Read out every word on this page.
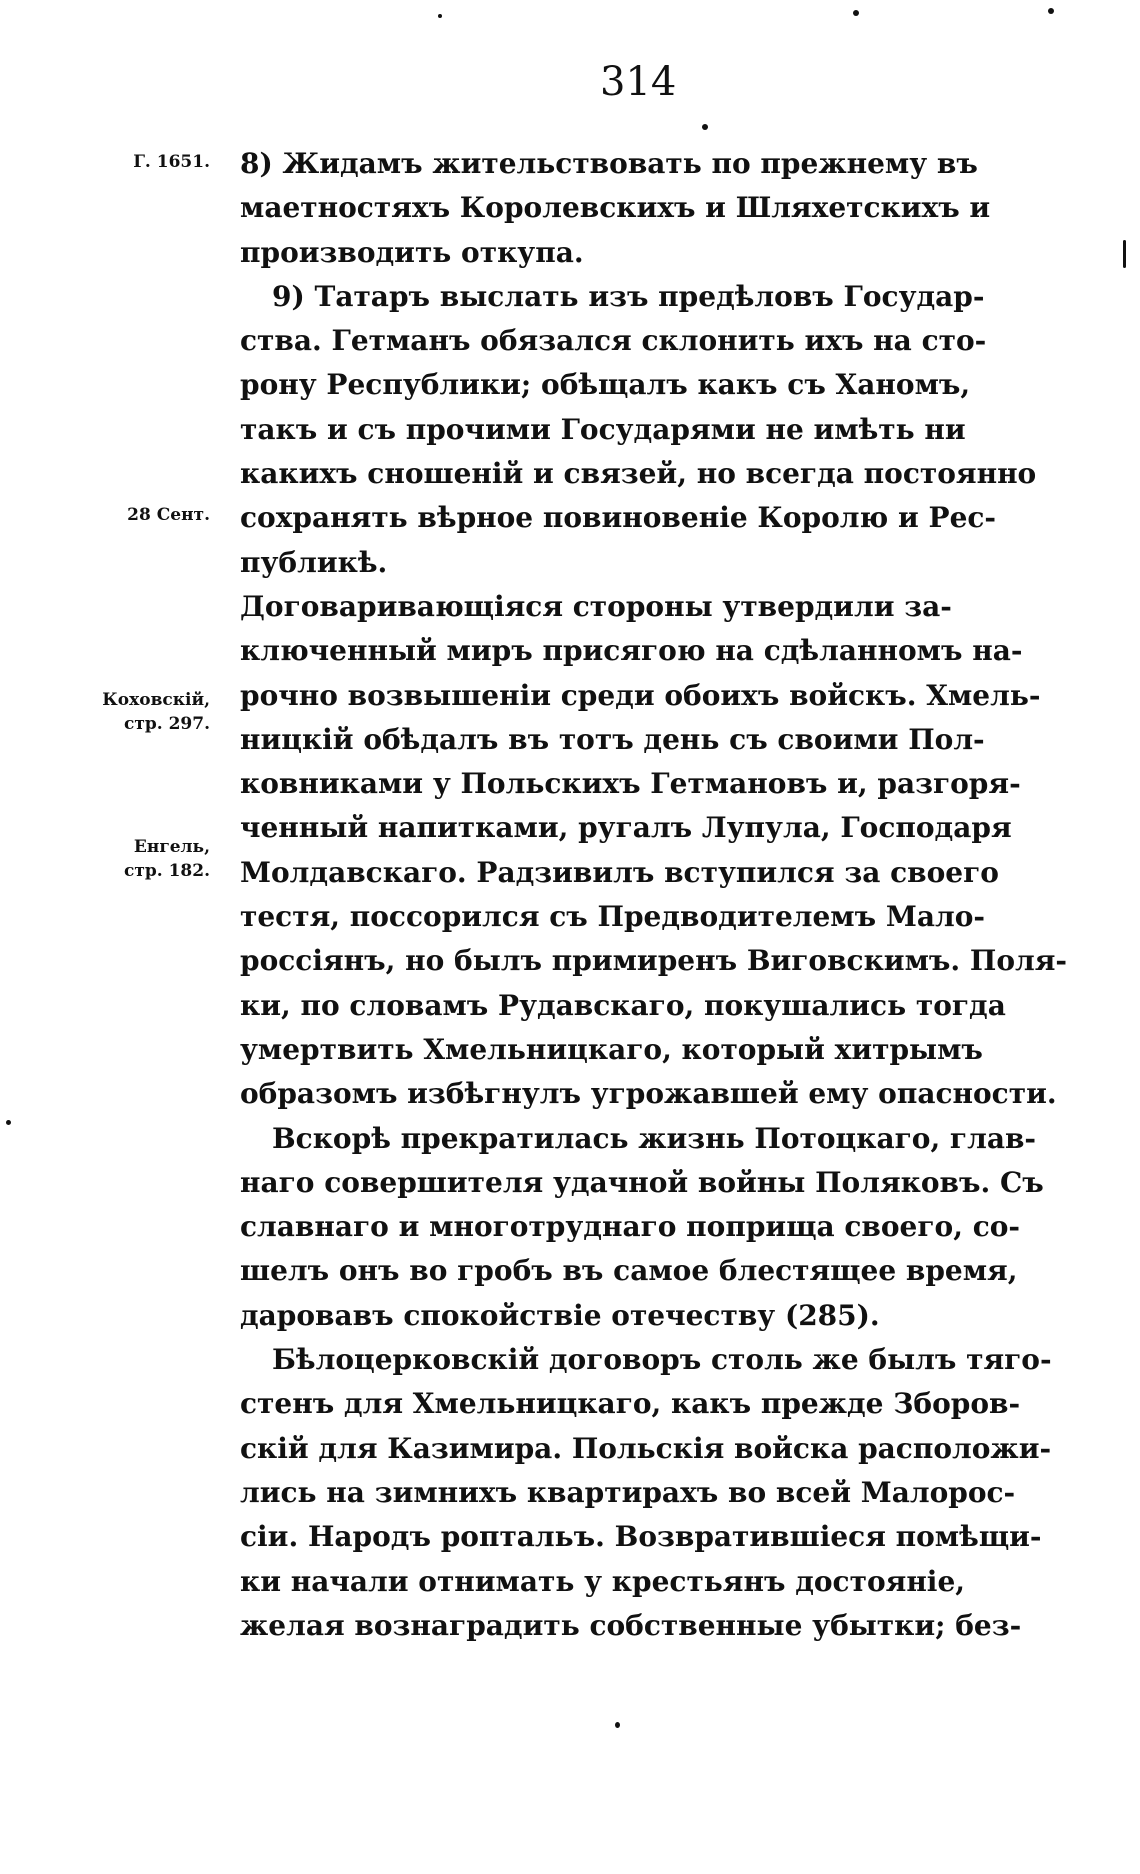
314
Г. 1651.
28 Сент.
Коховскій,
стр. 297.
Енгель,
стр. 182.
8) Жидамъ жительствовать по прежнему въ
маетностяхъ Королевскихъ и Шляхетскихъ и
производить откупа.
9) Татаръ выслать изъ предѣловъ Государ-
ства. Гетманъ обязался склонить ихъ на сто-
рону Республики; обѣщалъ какъ съ Ханомъ,
такъ и съ прочими Государями не имѣть ни
какихъ сношеній и связей, но всегда постоянно
сохранять вѣрное повиновеніе Королю и Рес-
публикѣ.
Договаривающіяся стороны утвердили за-
ключенный миръ присягою на сдѣланномъ на-
рочно возвышеніи среди обоихъ войскъ. Хмель-
ницкій обѣдалъ въ тотъ день съ своими Пол-
ковниками у Польскихъ Гетмановъ и, разгоря-
ченный напитками, ругалъ Лупула, Господаря
Молдавскаго. Радзивилъ вступился за своего
тестя, поссорился съ Предводителемъ Мало-
россіянъ, но былъ примиренъ Виговскимъ. Поля-
ки, по словамъ Рудавскаго, покушались тогда
умертвить Хмельницкаго, который хитрымъ
образомъ избѣгнулъ угрожавшей ему опасности.
Вскорѣ прекратилась жизнь Потоцкаго, глав-
наго совершителя удачной войны Поляковъ. Съ
славнаго и многотруднаго поприща своего, со-
шелъ онъ во гробъ въ самое блестящее время,
даровавъ спокойствіе отечеству (285).
Бѣлоцерковскій договоръ столь же былъ тяго-
стенъ для Хмельницкаго, какъ прежде Зборов-
скій для Казимира. Польскія войска расположи-
лись на зимнихъ квартирахъ во всей Малорос-
сіи. Народъ роптальъ. Возвратившіеся помѣщи-
ки начали отнимать у крестьянъ достояніе,
желая вознаградить собственные убытки; без-
